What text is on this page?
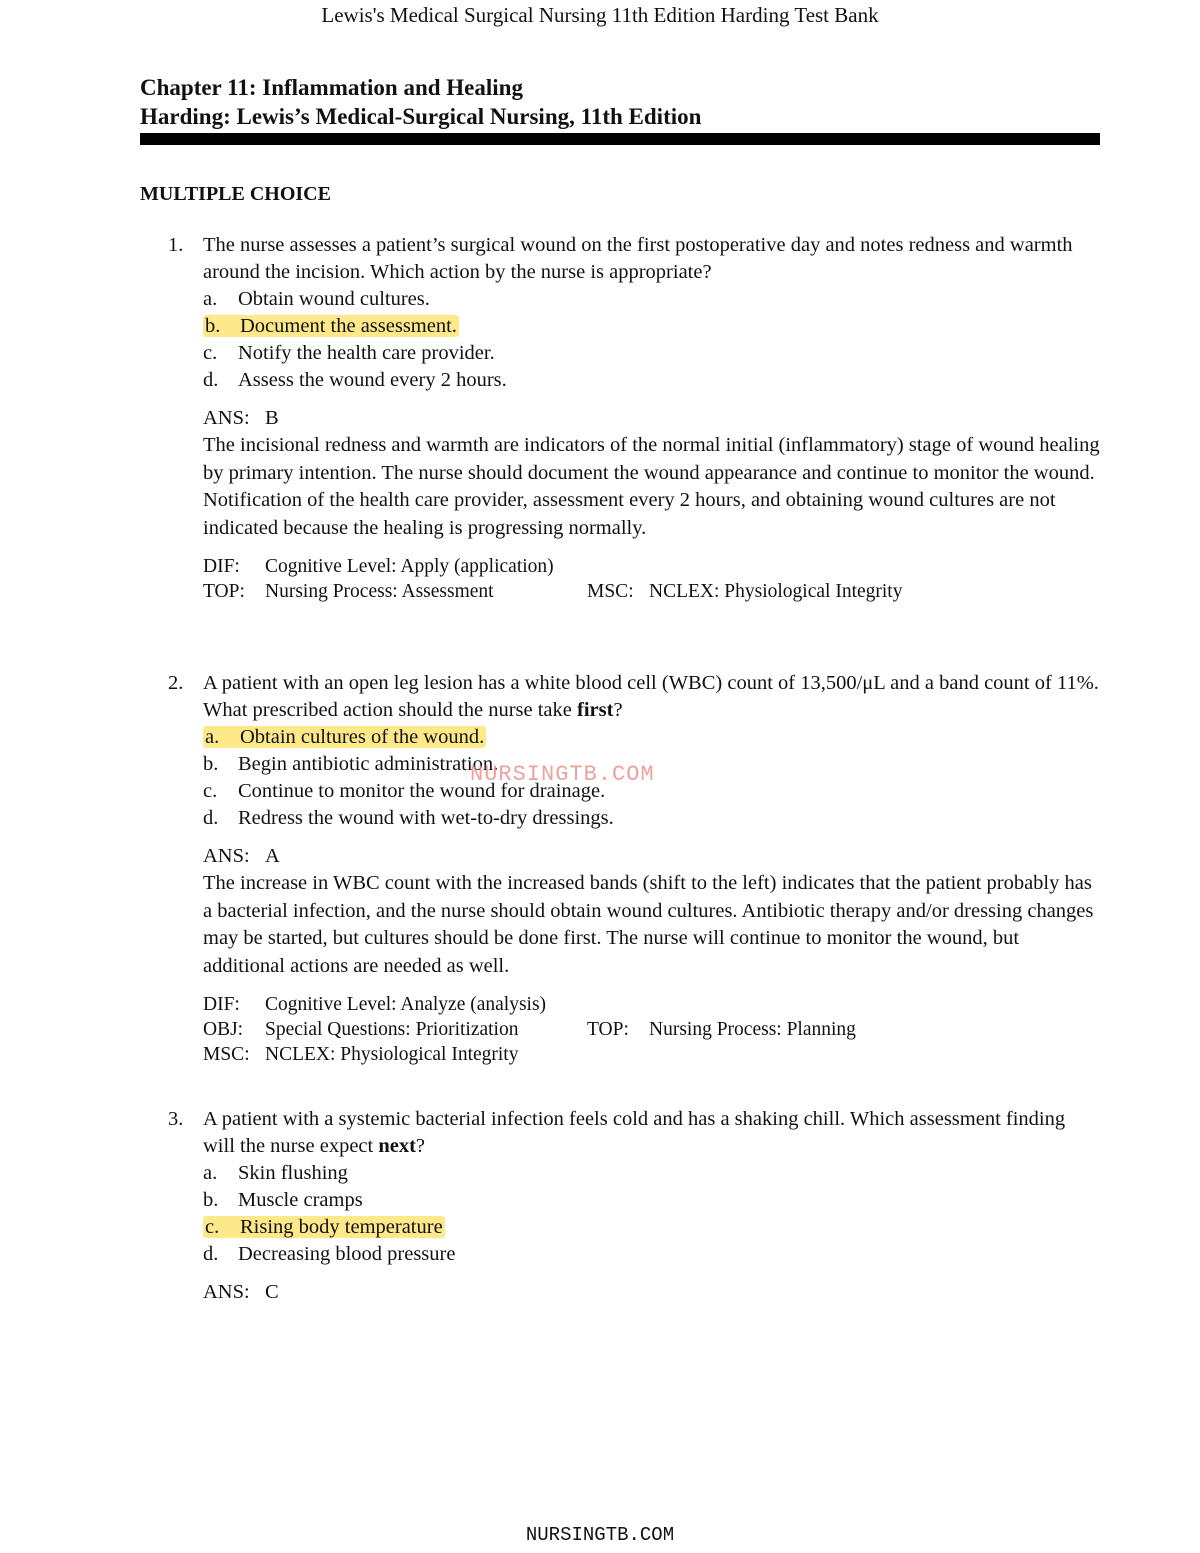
Lewis's Medical Surgical Nursing 11th Edition Harding Test Bank
Chapter 11: Inflammation and Healing
Harding: Lewis’s Medical-Surgical Nursing, 11th Edition
MULTIPLE CHOICE
1. The nurse assesses a patient’s surgical wound on the first postoperative day and notes redness and warmth around the incision. Which action by the nurse is appropriate?
a. Obtain wound cultures.
b. Document the assessment.
c. Notify the health care provider.
d. Assess the wound every 2 hours.
ANS: B
The incisional redness and warmth are indicators of the normal initial (inflammatory) stage of wound healing by primary intention. The nurse should document the wound appearance and continue to monitor the wound. Notification of the health care provider, assessment every 2 hours, and obtaining wound cultures are not indicated because the healing is progressing normally.
DIF:	Cognitive Level: Apply (application)
TOP:	Nursing Process: Assessment	MSC: NCLEX: Physiological Integrity
2. A patient with an open leg lesion has a white blood cell (WBC) count of 13,500/μL and a band count of 11%. What prescribed action should the nurse take first?
a. Obtain cultures of the wound.
b. Begin antibiotic administration.
c. Continue to monitor the wound for drainage.
d. Redress the wound with wet-to-dry dressings.
ANS: A
The increase in WBC count with the increased bands (shift to the left) indicates that the patient probably has a bacterial infection, and the nurse should obtain wound cultures. Antibiotic therapy and/or dressing changes may be started, but cultures should be done first. The nurse will continue to monitor the wound, but additional actions are needed as well.
DIF:	Cognitive Level: Analyze (analysis)
OBJ:	Special Questions: Prioritization	TOP: Nursing Process: Planning
MSC: NCLEX: Physiological Integrity
3. A patient with a systemic bacterial infection feels cold and has a shaking chill. Which assessment finding will the nurse expect next?
a. Skin flushing
b. Muscle cramps
c. Rising body temperature
d. Decreasing blood pressure
ANS: C
NURSINGTB.COM
NURSINGTB.COM
